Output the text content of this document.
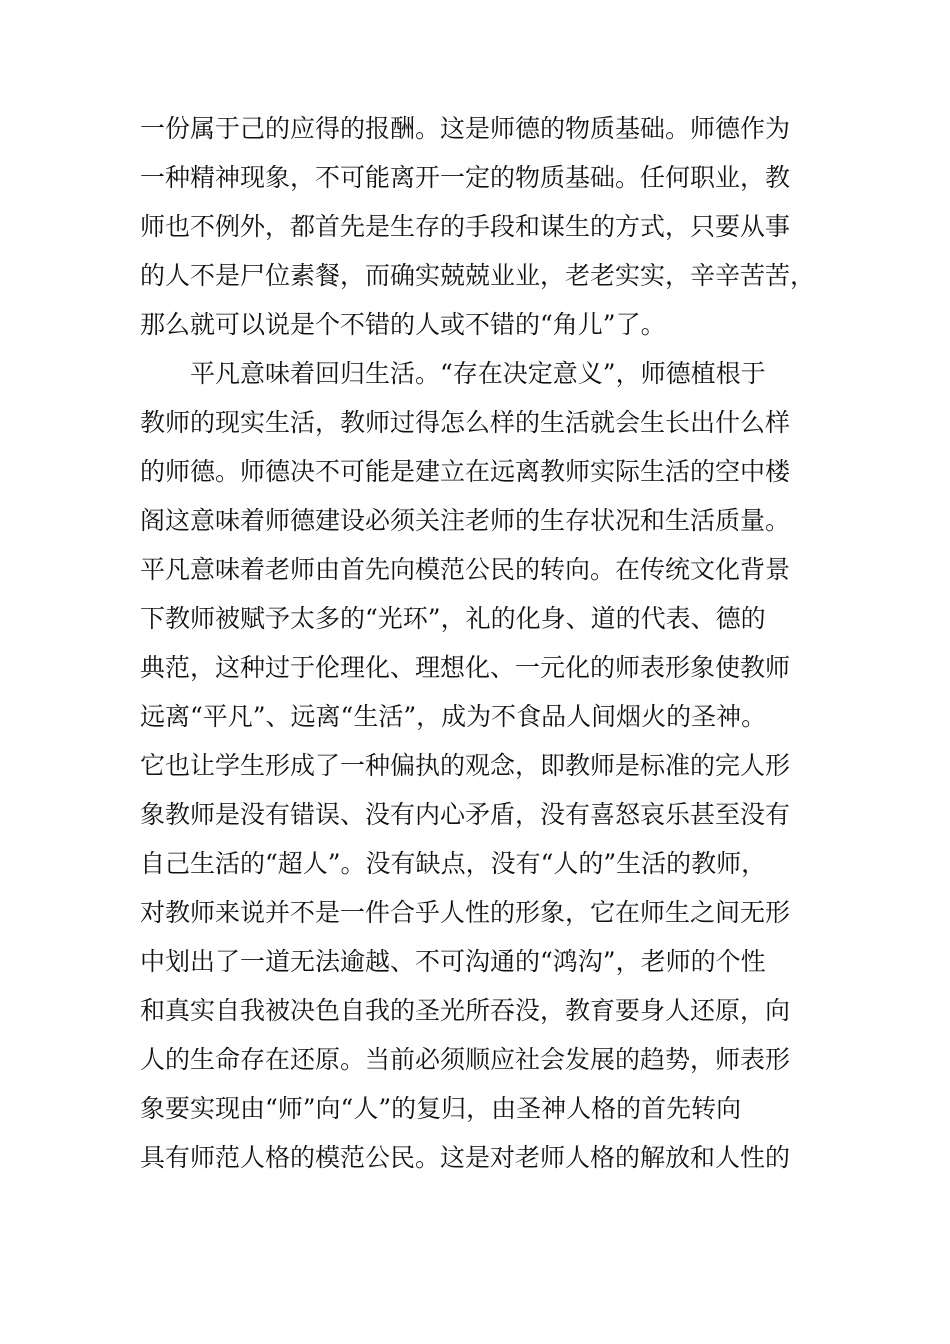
一份属于己的应得的报酬。这是师德的物质基础。师德作为
一种精神现象，不可能离开一定的物质基础。任何职业，教
师也不例外，都首先是生存的手段和谋生的方式，只要从事
的人不是尸位素餐，而确实兢兢业业，老老实实，辛辛苦苦，
那么就可以说是个不错的人或不错的“角儿”了。
平凡意味着回归生活。“存在决定意义”，师德植根于
教师的现实生活，教师过得怎么样的生活就会生长出什么样
的师德。师德决不可能是建立在远离教师实际生活的空中楼
阁这意味着师德建设必须关注老师的生存状况和生活质量。
平凡意味着老师由首先向模范公民的转向。在传统文化背景
下教师被赋予太多的“光环”，礼的化身、道的代表、德的
典范，这种过于伦理化、理想化、一元化的师表形象使教师
远离“平凡”、远离“生活”，成为不食品人间烟火的圣神。
它也让学生形成了一种偏执的观念，即教师是标准的完人形
象教师是没有错误、没有内心矛盾，没有喜怒哀乐甚至没有
自己生活的“超人”。没有缺点，没有“人的”生活的教师，
对教师来说并不是一件合乎人性的形象，它在师生之间无形
中划出了一道无法逾越、不可沟通的“鸿沟”，老师的个性
和真实自我被决色自我的圣光所吞没，教育要身人还原，向
人的生命存在还原。当前必须顺应社会发展的趋势，师表形
象要实现由“师”向“人”的复归，由圣神人格的首先转向
具有师范人格的模范公民。这是对老师人格的解放和人性的
